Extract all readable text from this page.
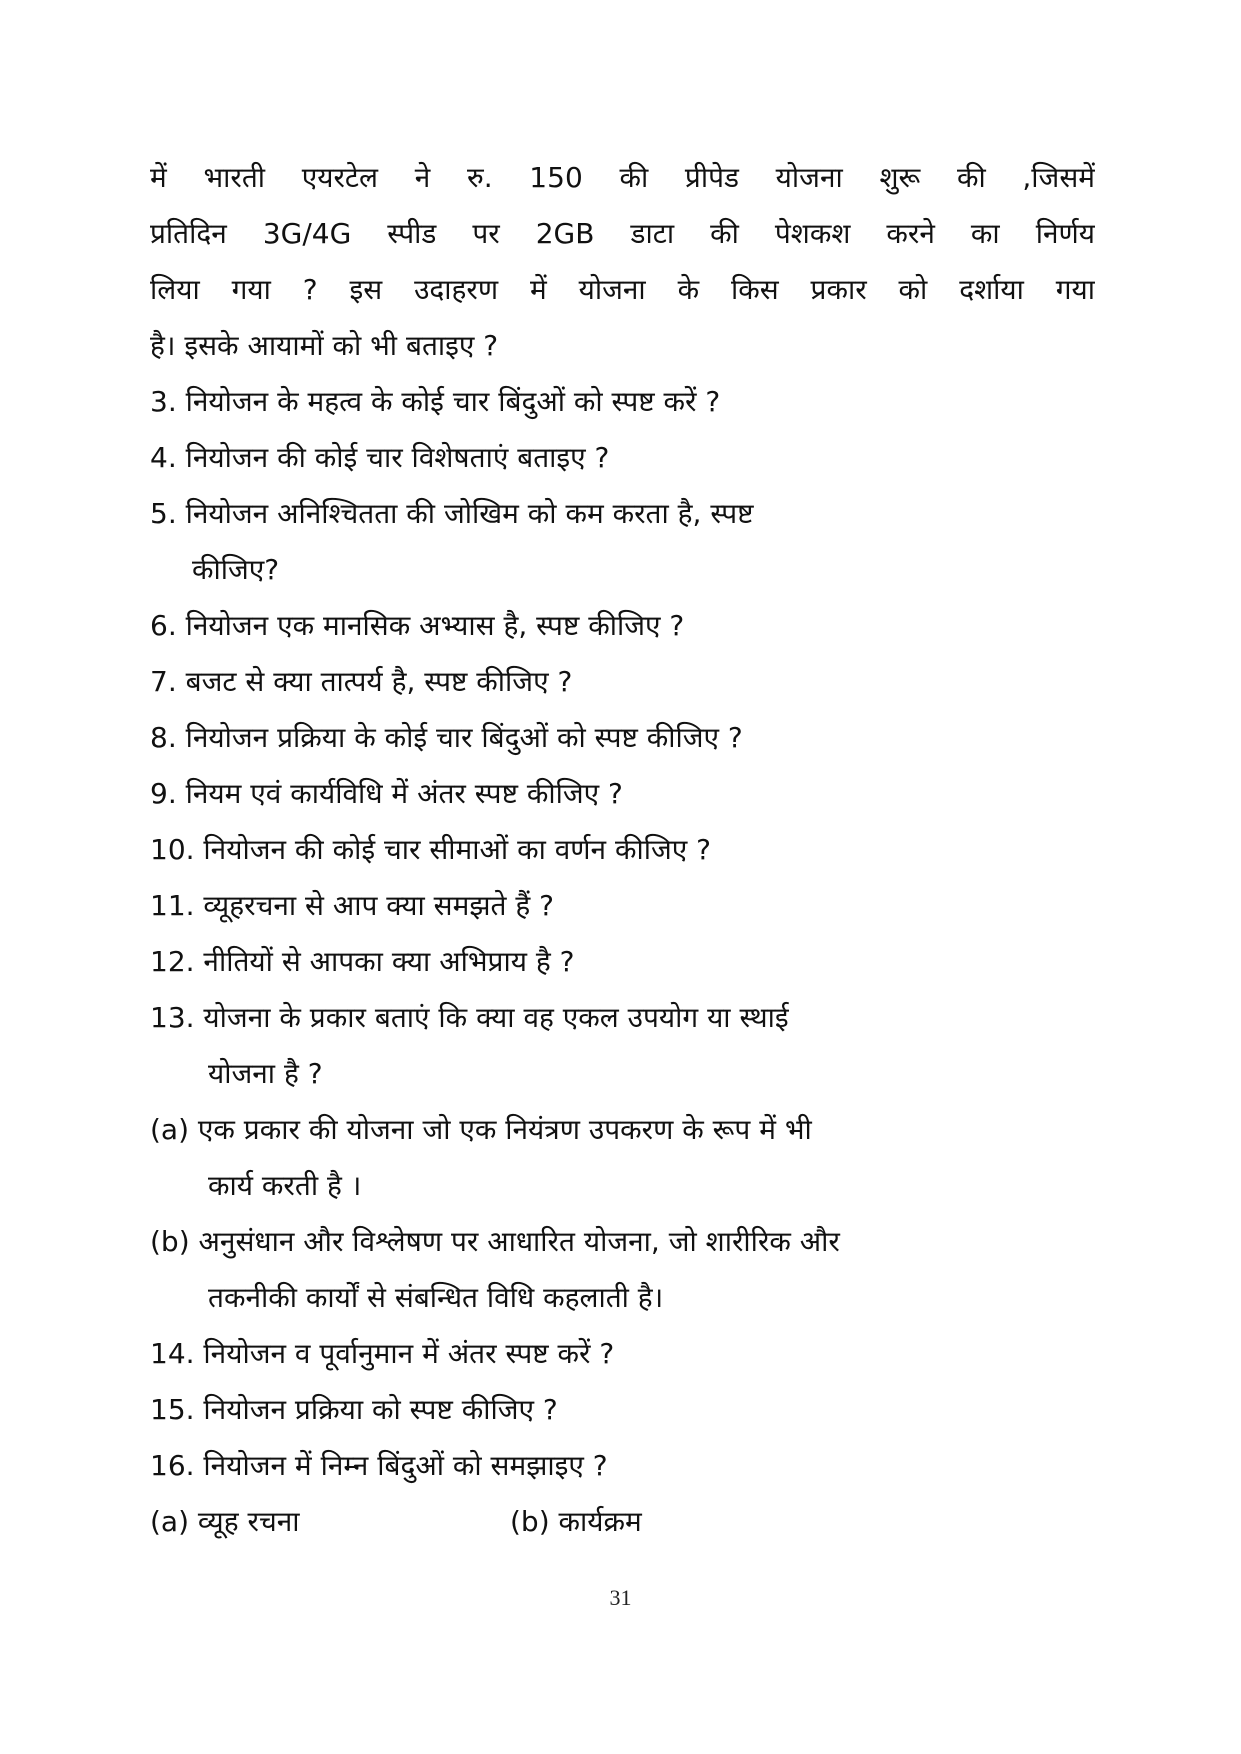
में भारती एयरटेल ने रु. 150 की प्रीपेड योजना शुरू की ,जिसमें
प्रतिदिन 3G/4G स्पीड पर 2GB डाटा की पेशकश करने का निर्णय
लिया गया ? इस उदाहरण में योजना के किस प्रकार को दर्शाया गया
है। इसके आयामों को भी बताइए ?
3. नियोजन के महत्व के कोई चार बिंदुओं को स्पष्ट करें ?
4. नियोजन की कोई चार विशेषताएं बताइए ?
5. नियोजन अनिश्चितता की जोखिम को कम करता है, स्पष्ट
कीजिए?
6. नियोजन एक मानसिक अभ्यास है, स्पष्ट कीजिए ?
7. बजट से क्या तात्पर्य है, स्पष्ट कीजिए ?
8. नियोजन प्रक्रिया के कोई चार बिंदुओं को स्पष्ट कीजिए ?
9. नियम एवं कार्यविधि में अंतर स्पष्ट कीजिए ?
10. नियोजन की कोई चार सीमाओं का वर्णन कीजिए ?
11. व्यूहरचना से आप क्या समझते हैं ?
12. नीतियों से आपका क्या अभिप्राय है ?
13. योजना के प्रकार बताएं कि क्या वह एकल उपयोग या स्थाई
योजना है ?
(a) एक प्रकार की योजना जो एक नियंत्रण उपकरण के रूप में भी
कार्य करती है ।
(b) अनुसंधान और विश्लेषण पर आधारित योजना, जो शारीरिक और
तकनीकी कार्यों से संबन्धित विधि कहलाती है।
14. नियोजन व पूर्वानुमान में अंतर स्पष्ट करें ?
15. नियोजन प्रक्रिया को स्पष्ट कीजिए ?
16. नियोजन में निम्न बिंदुओं को समझाइए ?
(a) व्यूह रचना	(b) कार्यक्रम
31
